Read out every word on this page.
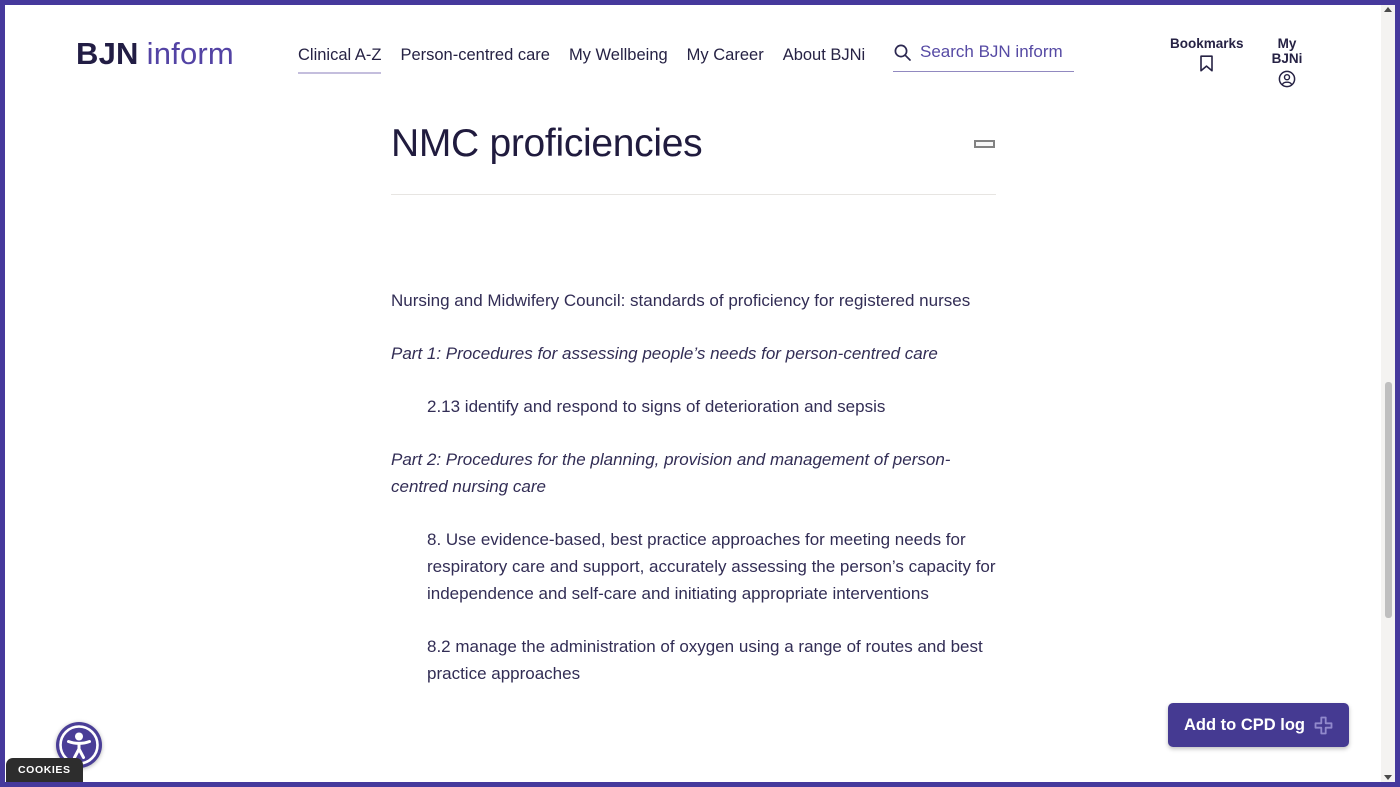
BJN inform	Clinical A-Z Person-centred care My Wellbeing My Career About BJNi
Search BJN inform
Bookmarks	My BJNi
NMC proficiencies

Nursing and Midwifery Council: standards of proficiency for registered nurses

Part 1: Procedures for assessing people’s needs for person-centred care

2.13 identify and respond to signs of deterioration and sepsis

Part 2: Procedures for the planning, provision and management of person-centred nursing care

8. Use evidence-based, best practice approaches for meeting needs for respiratory care and support, accurately assessing the person’s capacity for independence and self-care and initiating appropriate interventions

8.2 manage the administration of oxygen using a range of routes and best practice approaches

Add to CPD log
COOKIES
